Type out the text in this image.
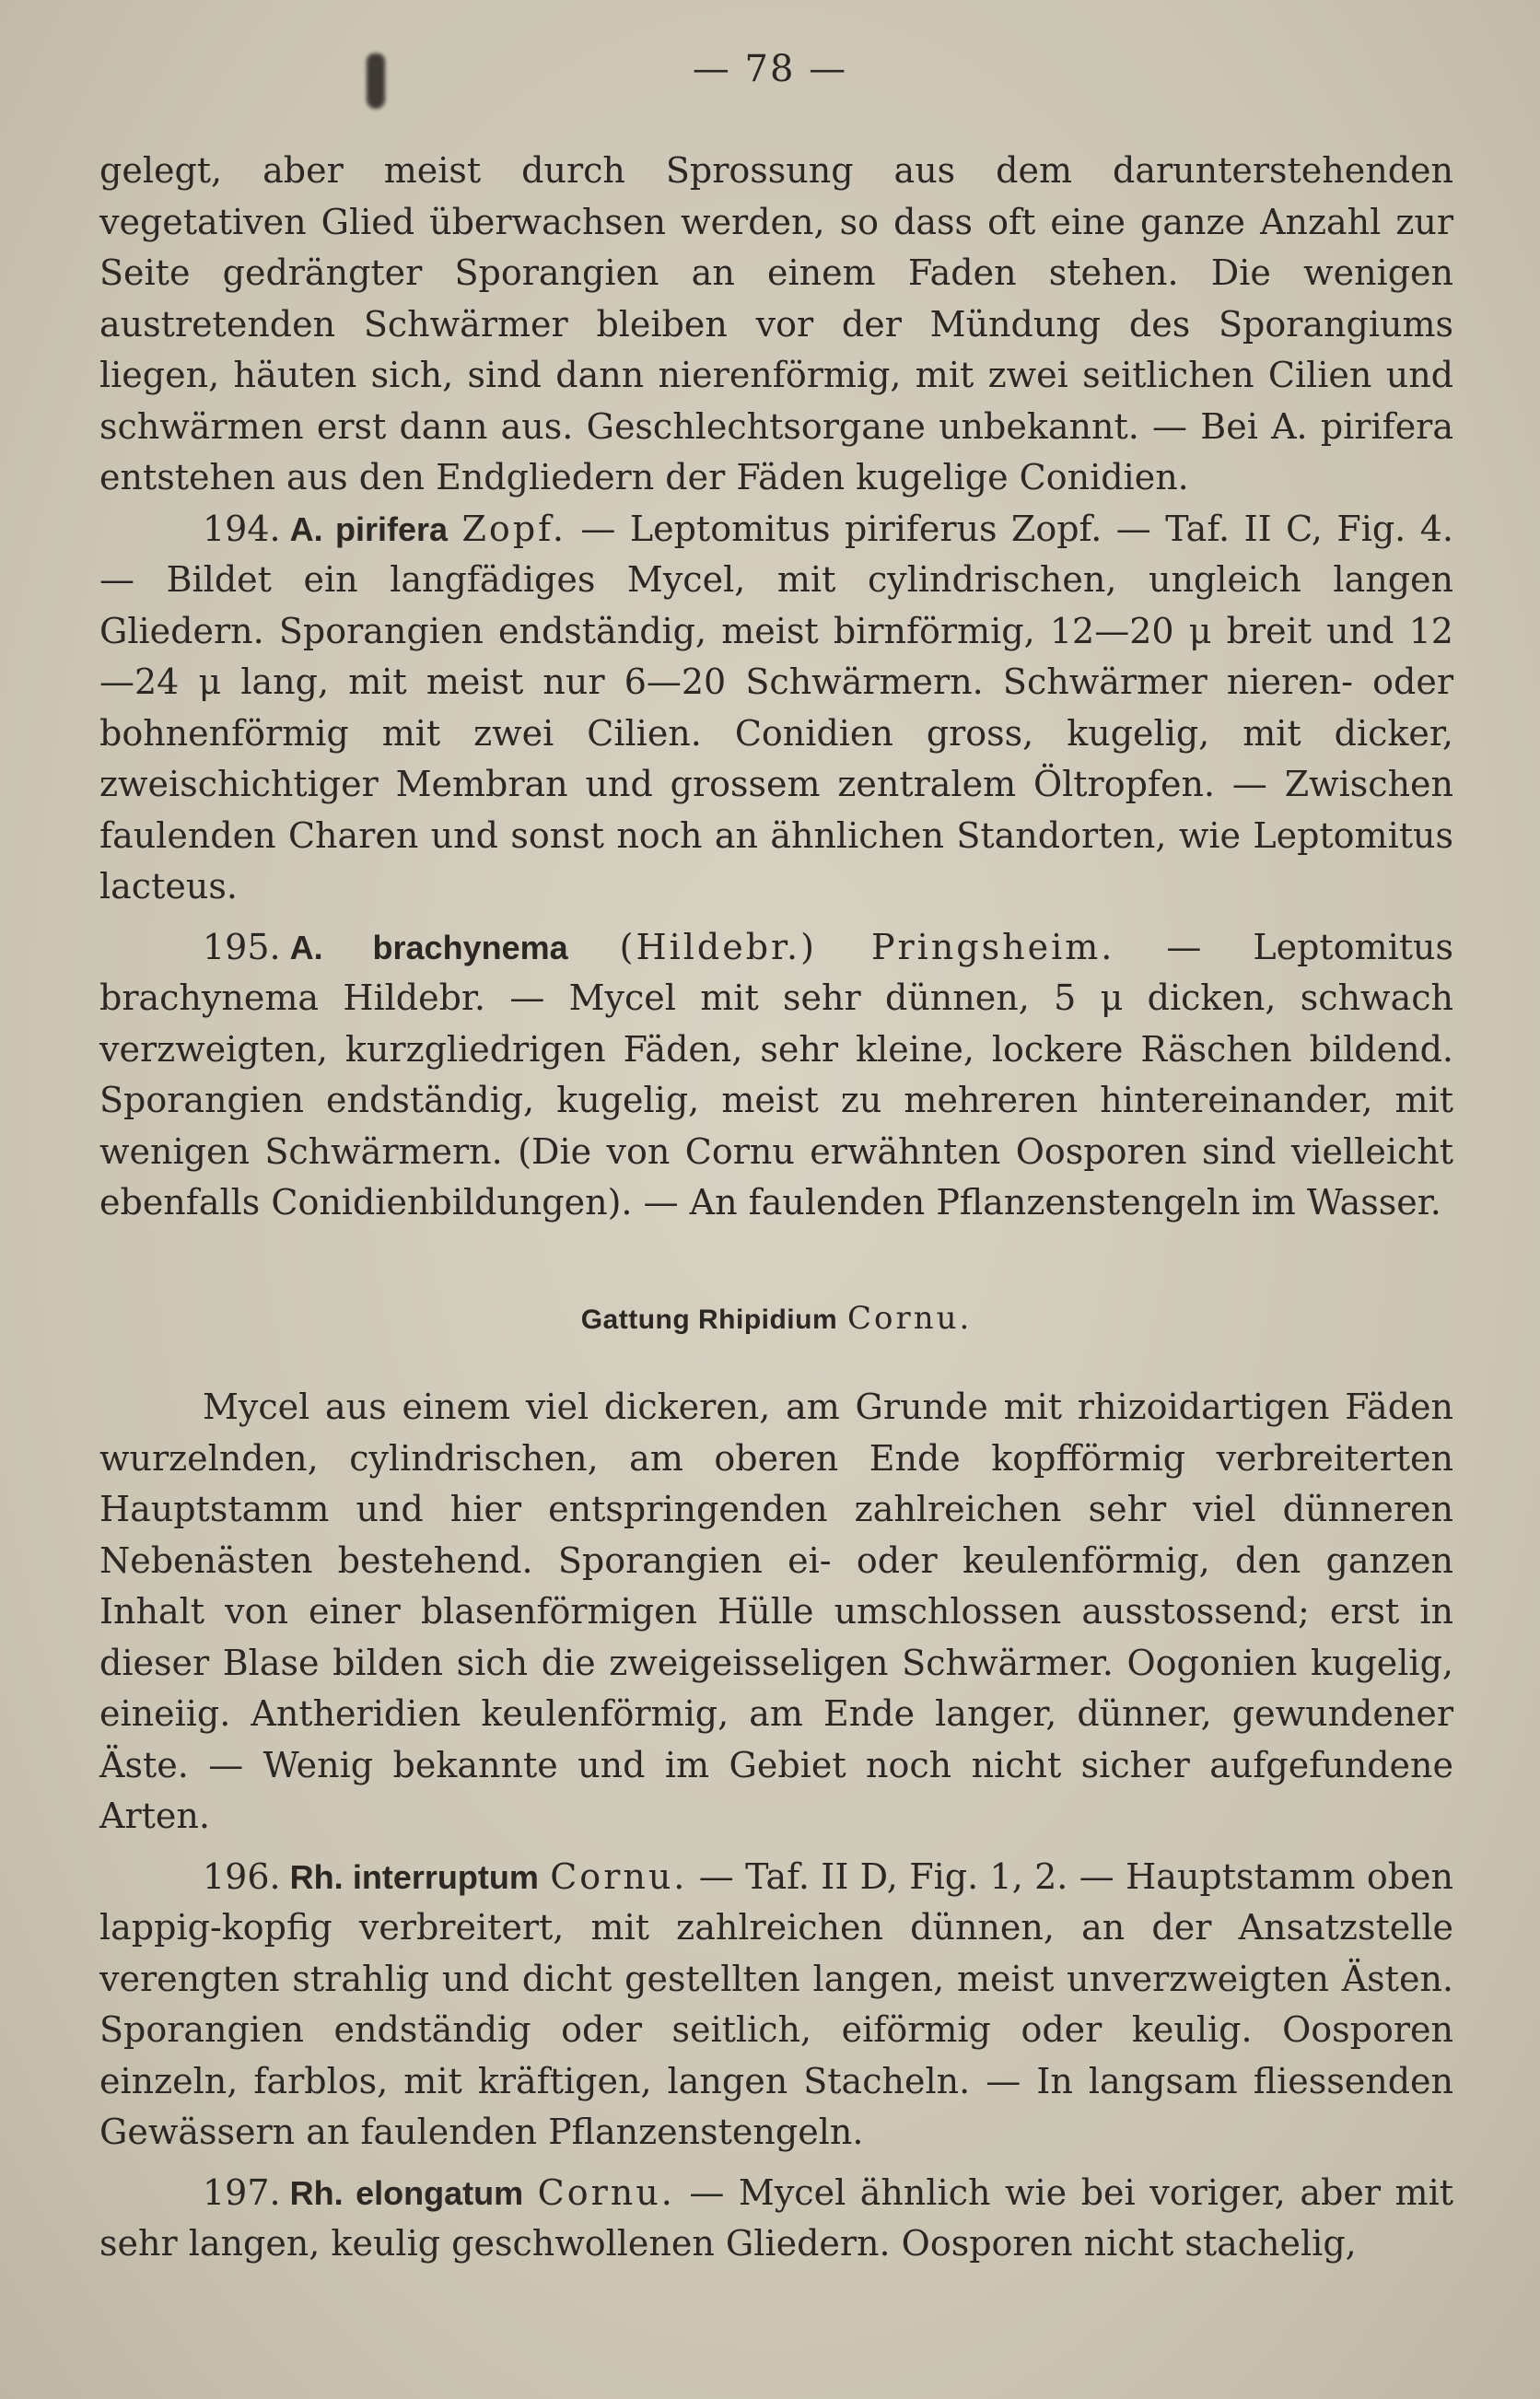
— 78 —

gelegt, aber meist durch Sprossung aus dem darunterstehenden vegetativen Glied überwachsen werden, so dass oft eine ganze Anzahl zur Seite gedrängter Sporangien an einem Faden stehen. Die wenigen austretenden Schwärmer bleiben vor der Mündung des Sporangiums liegen, häuten sich, sind dann nierenförmig, mit zwei seitlichen Cilien und schwärmen erst dann aus. Geschlechtsorgane unbekannt. — Bei A. pirifera entstehen aus den Endgliedern der Fäden kugelige Conidien.

194. A. pirifera Zopf. — Leptomitus piriferus Zopf. — Taf. II C, Fig. 4. — Bildet ein langfädiges Mycel, mit cylindrischen, ungleich langen Gliedern. Sporangien endständig, meist birnförmig, 12—20 μ breit und 12—24 μ lang, mit meist nur 6—20 Schwärmern. Schwärmer nieren- oder bohnenförmig mit zwei Cilien. Conidien gross, kugelig, mit dicker, zweischichtiger Membran und grossem zentralem Öltropfen. — Zwischen faulenden Charen und sonst noch an ähnlichen Standorten, wie Leptomitus lacteus.

195. A. brachynema (Hildebr.) Pringsheim. — Leptomitus brachynema Hildebr. — Mycel mit sehr dünnen, 5 μ dicken, schwach verzweigten, kurzgliedrigen Fäden, sehr kleine, lockere Räschen bildend. Sporangien endständig, kugelig, meist zu mehreren hintereinander, mit wenigen Schwärmern. (Die von Cornu erwähnten Oosporen sind vielleicht ebenfalls Conidienbildungen). — An faulenden Pflanzenstengeln im Wasser.

Gattung Rhipidium Cornu.

Mycel aus einem viel dickeren, am Grunde mit rhizoidartigen Fäden wurzelnden, cylindrischen, am oberen Ende kopfförmig verbreiterten Hauptstamm und hier entspringenden zahlreichen sehr viel dünneren Nebenästen bestehend. Sporangien ei- oder keulenförmig, den ganzen Inhalt von einer blasenförmigen Hülle umschlossen ausstossend; erst in dieser Blase bilden sich die zweigeisseligen Schwärmer. Oogonien kugelig, eineiig. Antheridien keulenförmig, am Ende langer, dünner, gewundener Äste. — Wenig bekannte und im Gebiet noch nicht sicher aufgefundene Arten.

196. Rh. interruptum Cornu. — Taf. II D, Fig. 1, 2. — Hauptstamm oben lappig-kopfig verbreitert, mit zahlreichen dünnen, an der Ansatzstelle verengten strahlig und dicht gestellten langen, meist unverzweigten Ästen. Sporangien endständig oder seitlich, eiförmig oder keulig. Oosporen einzeln, farblos, mit kräftigen, langen Stacheln. — In langsam fliessenden Gewässern an faulenden Pflanzenstengeln.

197. Rh. elongatum Cornu. — Mycel ähnlich wie bei voriger, aber mit sehr langen, keulig geschwollenen Gliedern. Oosporen nicht stachelig,
